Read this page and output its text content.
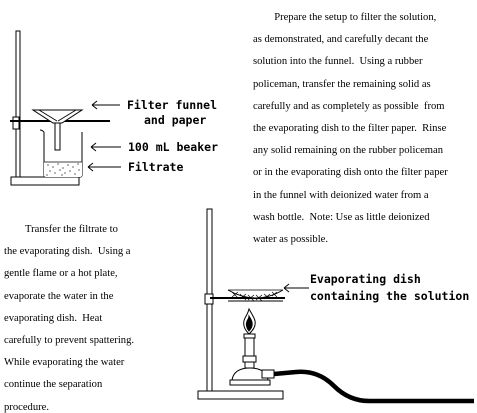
Prepare the setup to filter the solution,

as demonstrated, and carefully decant the

solution into the funnel.  Using a rubber

policeman, transfer the remaining solid as

carefully and as completely as possible  from

the evaporating dish to the filter paper.  Rinse

any solid remaining on the rubber policeman

or in the evaporating dish onto the filter paper

in the funnel with deionized water from a

wash bottle.  Note: Use as little deionized

water as possible.

Transfer the filtrate to

the evaporating dish.  Using a

gentle flame or a hot plate,

evaporate the water in the

evaporating dish.  Heat

carefully to prevent spattering.

While evaporating the water

continue the separation

procedure.

Filter funnel
and paper
100 mL beaker
Filtrate
Evaporating dish
containing the solution
